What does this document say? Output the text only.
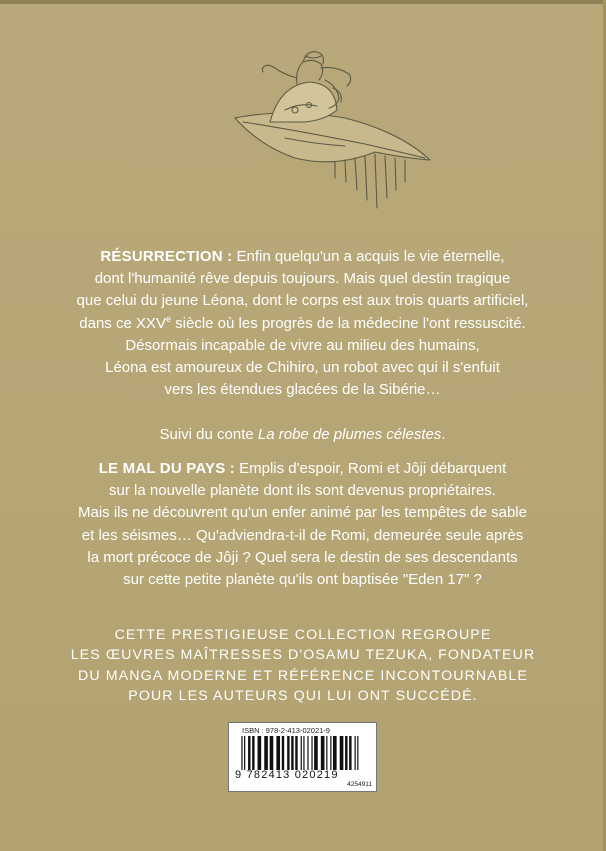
RÉSURRECTION : Enfin quelqu'un a acquis le vie éternelle,
dont l'humanité rêve depuis toujours. Mais quel destin tragique
que celui du jeune Léona, dont le corps est aux trois quarts artificiel,
dans ce XXVe siècle où les progrès de la médecine l'ont ressuscité.
Désormais incapable de vivre au milieu des humains,
Léona est amoureux de Chihiro, un robot avec qui il s'enfuit
vers les étendues glacées de la Sibérie…
Suivi du conte La robe de plumes célestes.
LE MAL DU PAYS : Emplis d'espoir, Romi et Jôji débarquent
sur la nouvelle planète dont ils sont devenus propriétaires.
Mais ils ne découvrent qu'un enfer animé par les tempêtes de sable
et les séismes… Qu'adviendra-t-il de Romi, demeurée seule après
la mort précoce de Jôji ? Quel sera le destin de ses descendants
sur cette petite planète qu'ils ont baptisée "Eden 17" ?
CETTE PRESTIGIEUSE COLLECTION REGROUPE
LES ŒUVRES MAÎTRESSES D'OSAMU TEZUKA, FONDATEUR
DU MANGA MODERNE ET RÉFÉRENCE INCONTOURNABLE
POUR LES AUTEURS QUI LUI ONT SUCCÉDÉ.
ISBN : 978-2-413-02021-9
9 782413 020219
4254911
